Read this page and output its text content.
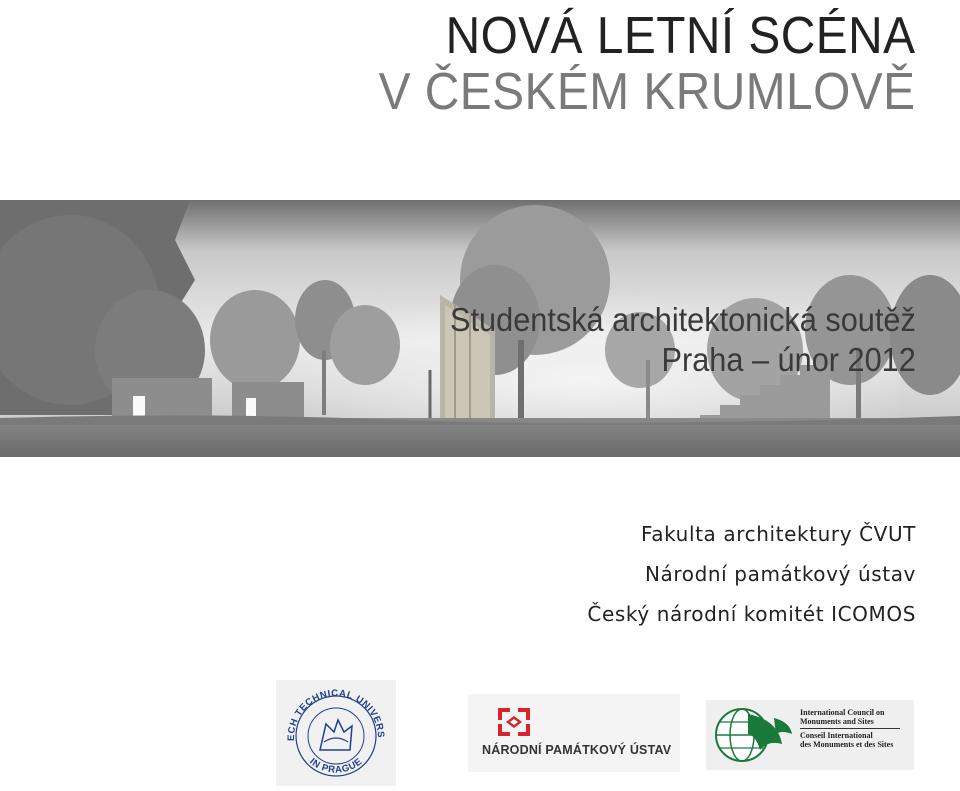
NOVÁ LETNÍ SCÉNA
V ČESKÉM KRUMLOVĚ
Studentská architektonická soutěž
Praha – únor 2012
Fakulta architektury ČVUT
Národní památkový ústav
Český národní komitét ICOMOS
ECH TECHNICAL UNIVERS
IN PRAGUE
NÁRODNÍ PAMÁTKOVÝ ÚSTAV
International Council on
Monuments and Sites
Conseil International
des Monuments et des Sites
